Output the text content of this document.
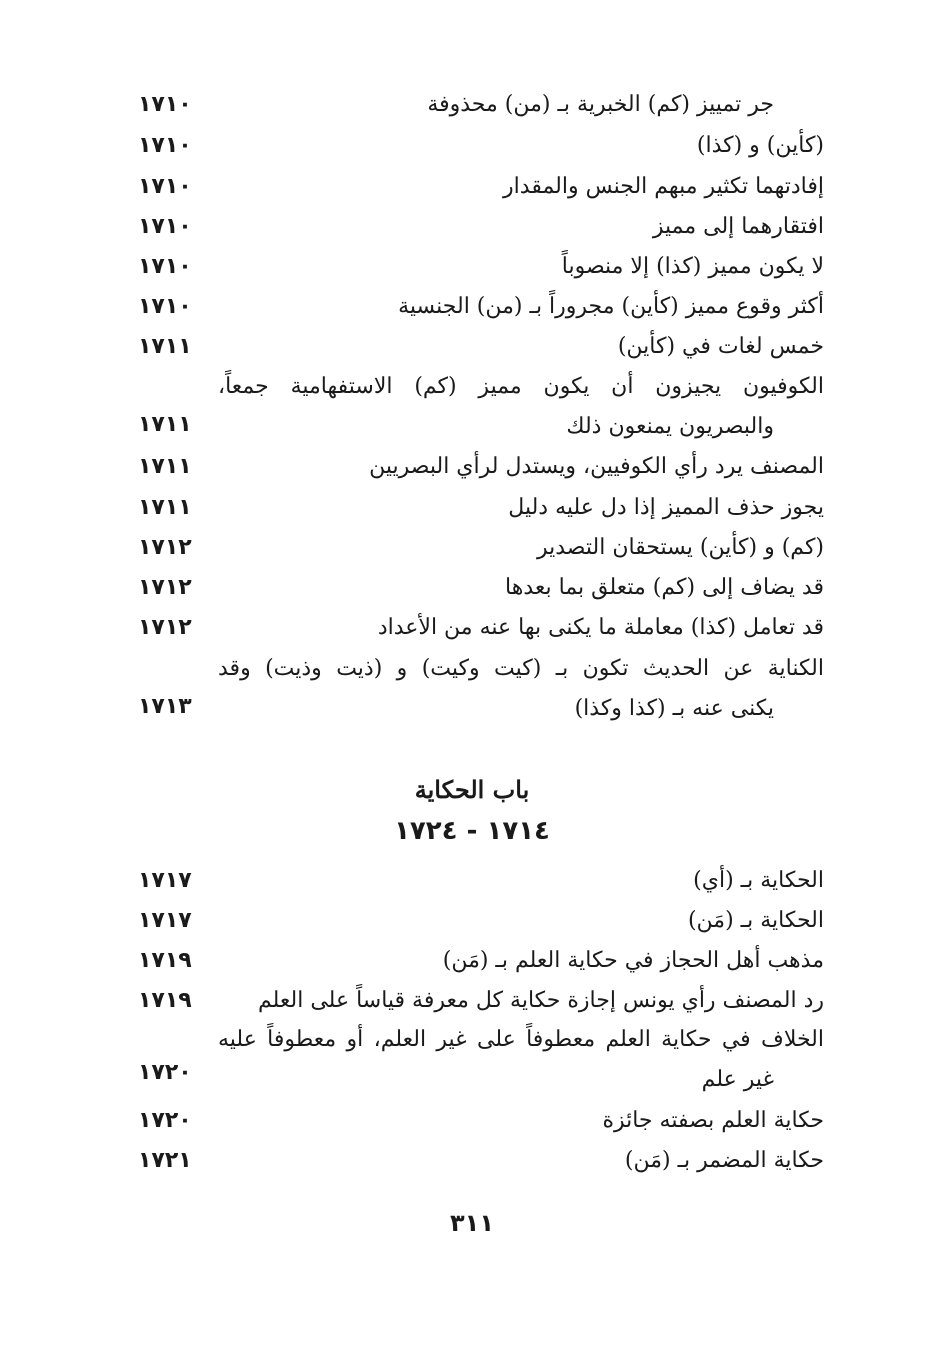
جر تمييز (كم) الخبرية بـ (من) محذوفة
١٧١٠
(كأين) و (كذا)
١٧١٠
إفادتهما تكثير مبهم الجنس والمقدار
١٧١٠
افتقارهما إلى مميز
١٧١٠
لا يكون مميز (كذا) إلا منصوباً
١٧١٠
أكثر وقوع مميز (كأين) مجروراً بـ (من) الجنسية
١٧١٠
خمس لغات في (كأين)
١٧١١
الكوفيون يجيزون أن يكون مميز (كم) الاستفهامية جمعاً،
والبصريون يمنعون ذلك
١٧١١
المصنف يرد رأي الكوفيين، ويستدل لرأي البصريين
١٧١١
يجوز حذف المميز إذا دل عليه دليل
١٧١١
(كم) و (كأين) يستحقان التصدير
١٧١٢
قد يضاف إلى (كم) متعلق بما بعدها
١٧١٢
قد تعامل (كذا) معاملة ما يكنى بها عنه من الأعداد
١٧١٢
الكناية عن الحديث تكون بـ (كيت وكيت) و (ذيت وذيت) وقد
يكنى عنه بـ (كذا وكذا)
١٧١٣
باب الحكاية
١٧١٤ - ١٧٢٤
الحكاية بـ (أي)
١٧١٧
الحكاية بـ (مَن)
١٧١٧
مذهب أهل الحجاز في حكاية العلم بـ (مَن)
١٧١٩
رد المصنف رأي يونس إجازة حكاية كل معرفة قياساً على العلم
١٧١٩
الخلاف في حكاية العلم معطوفاً على غير العلم، أو معطوفاً عليه
غير علم
١٧٢٠
حكاية العلم بصفته جائزة
١٧٢٠
حكاية المضمر بـ (مَن)
١٧٢١
٣١١
